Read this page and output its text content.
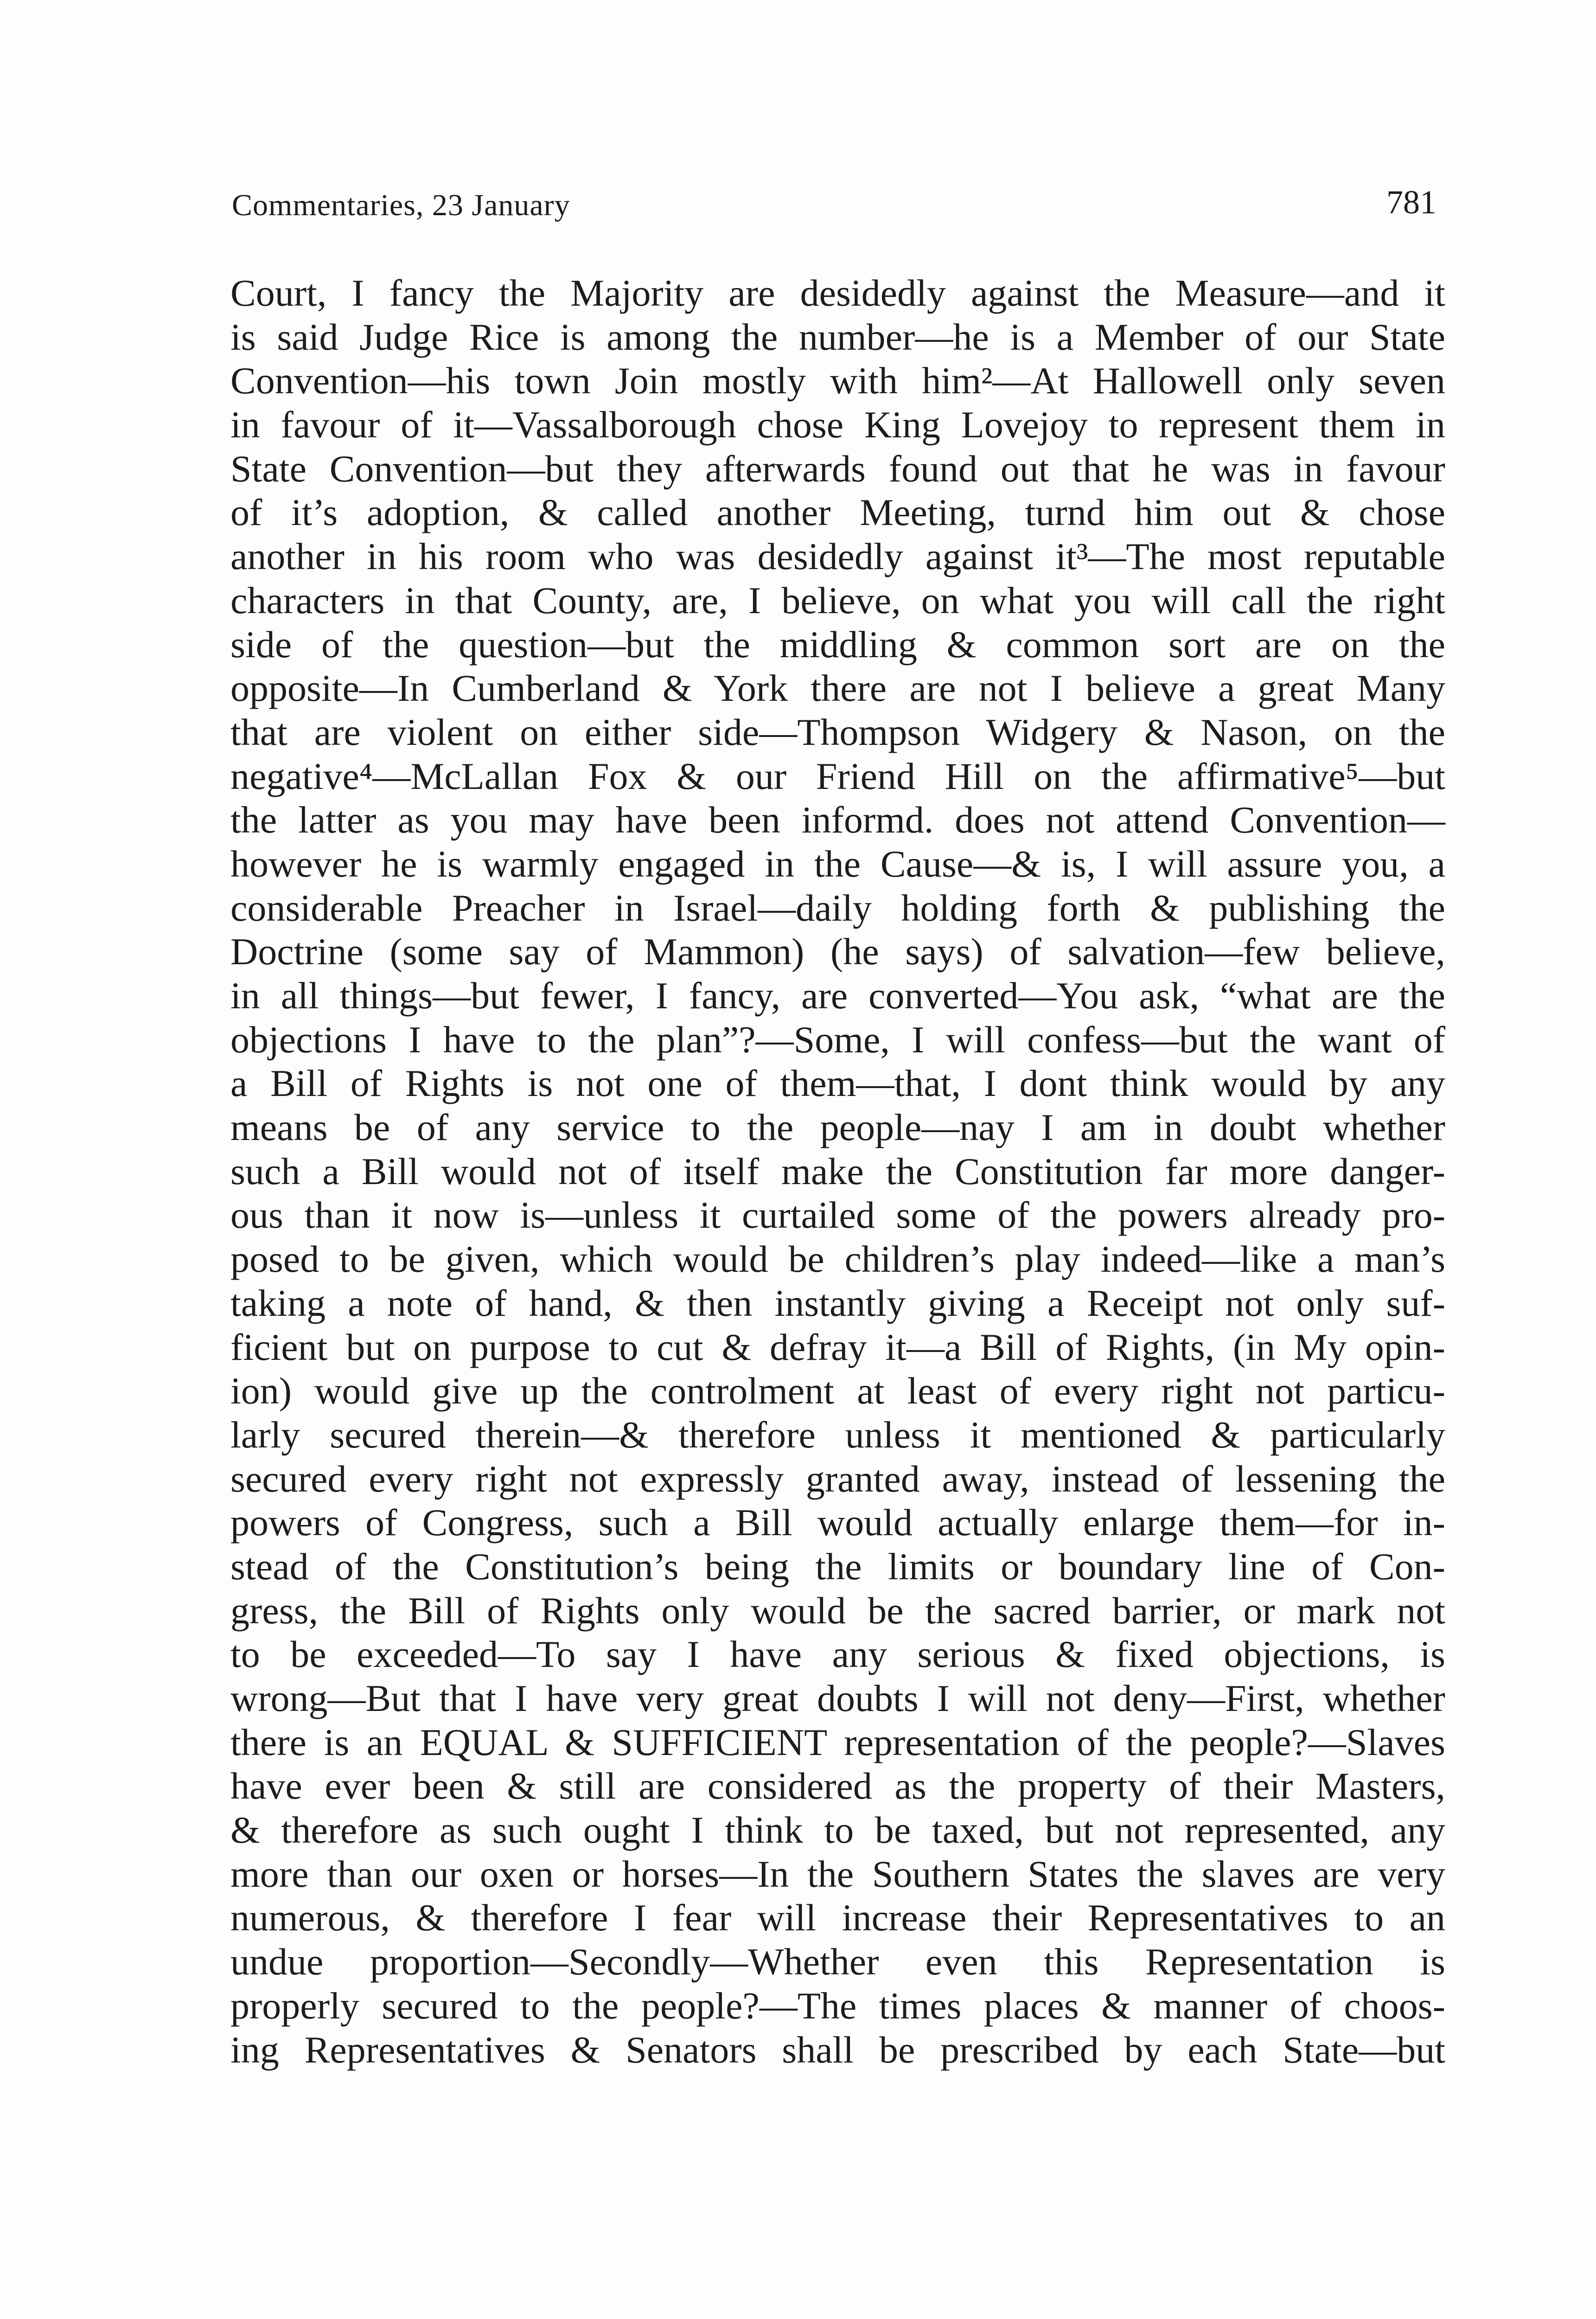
Commentaries, 23 January	781
Court, I fancy the Majority are desidedly against the Measure—and it
is said Judge Rice is among the number—he is a Member of our State
Convention—his town Join mostly with him²—At Hallowell only seven
in favour of it—Vassalborough chose King Lovejoy to represent them in
State Convention—but they afterwards found out that he was in favour
of it’s adoption, & called another Meeting, turnd him out & chose
another in his room who was desidedly against it³—The most reputable
characters in that County, are, I believe, on what you will call the right
side of the question—but the middling & common sort are on the
opposite—In Cumberland & York there are not I believe a great Many
that are violent on either side—Thompson Widgery & Nason, on the
negative⁴—McLallan Fox & our Friend Hill on the affirmative⁵—but
the latter as you may have been informd. does not attend Convention—
however he is warmly engaged in the Cause—& is, I will assure you, a
considerable Preacher in Israel—daily holding forth & publishing the
Doctrine (some say of Mammon) (he says) of salvation—few believe,
in all things—but fewer, I fancy, are converted—You ask, “what are the
objections I have to the plan”?—Some, I will confess—but the want of
a Bill of Rights is not one of them—that, I dont think would by any
means be of any service to the people—nay I am in doubt whether
such a Bill would not of itself make the Constitution far more danger-
ous than it now is—unless it curtailed some of the powers already pro-
posed to be given, which would be children’s play indeed—like a man’s
taking a note of hand, & then instantly giving a Receipt not only suf-
ficient but on purpose to cut & defray it—a Bill of Rights, (in My opin-
ion) would give up the controlment at least of every right not particu-
larly secured therein—& therefore unless it mentioned & particularly
secured every right not expressly granted away, instead of lessening the
powers of Congress, such a Bill would actually enlarge them—for in-
stead of the Constitution’s being the limits or boundary line of Con-
gress, the Bill of Rights only would be the sacred barrier, or mark not
to be exceeded—To say I have any serious & fixed objections, is
wrong—But that I have very great doubts I will not deny—First, whether
there is an EQUAL & SUFFICIENT representation of the people?—Slaves
have ever been & still are considered as the property of their Masters,
& therefore as such ought I think to be taxed, but not represented, any
more than our oxen or horses—In the Southern States the slaves are very
numerous, & therefore I fear will increase their Representatives to an
undue proportion—Secondly—Whether even this Representation is
properly secured to the people?—The times places & manner of choos-
ing Representatives & Senators shall be prescribed by each State—but
